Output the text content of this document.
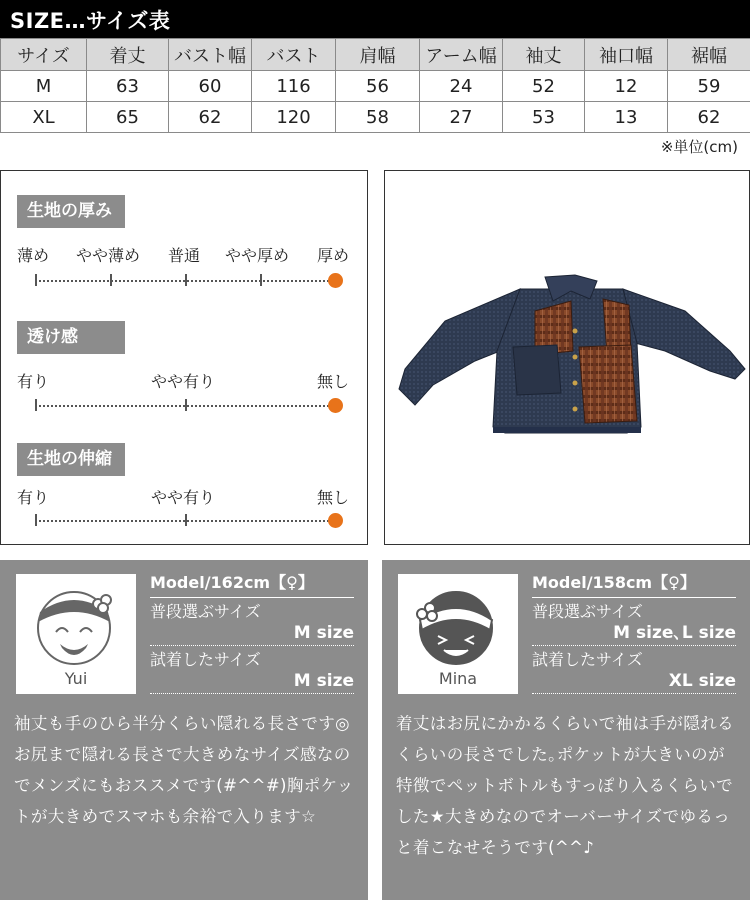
SIZE…サイズ表
サイズ	着丈	バスト幅	バスト	肩幅	アーム幅	袖丈	袖口幅	裾幅
M	63	60	116	56	24	52	12	59
XL	65	62	120	58	27	53	13	62
※単位(cm)
生地の厚み
薄め やや薄め 普通 やや厚め 厚め
透け感
有り	やや有り	無し
生地の伸縮
有り	やや有り	無し
Yui
Model/162cm【♀】
普段選ぶサイズ
M size
試着したサイズ
M size
袖丈も手のひら半分くらい隠れる長さです◎お尻まで隠れる長さで大きめなサイズ感なのでメンズにもおススメです(#^^#)胸ポケットが大きめでスマホも余裕で入ります☆
Mina
Model/158cm【♀】
普段選ぶサイズ
M size､L size
試着したサイズ
XL size
着丈はお尻にかかるくらいで袖は手が隠れるくらいの長さでした｡ポケットが大きいのが特徴でペットボトルもすっぽり入るくらいでした★大きめなのでオーバーサイズでゆるっと着こなせそうです(^^♪
